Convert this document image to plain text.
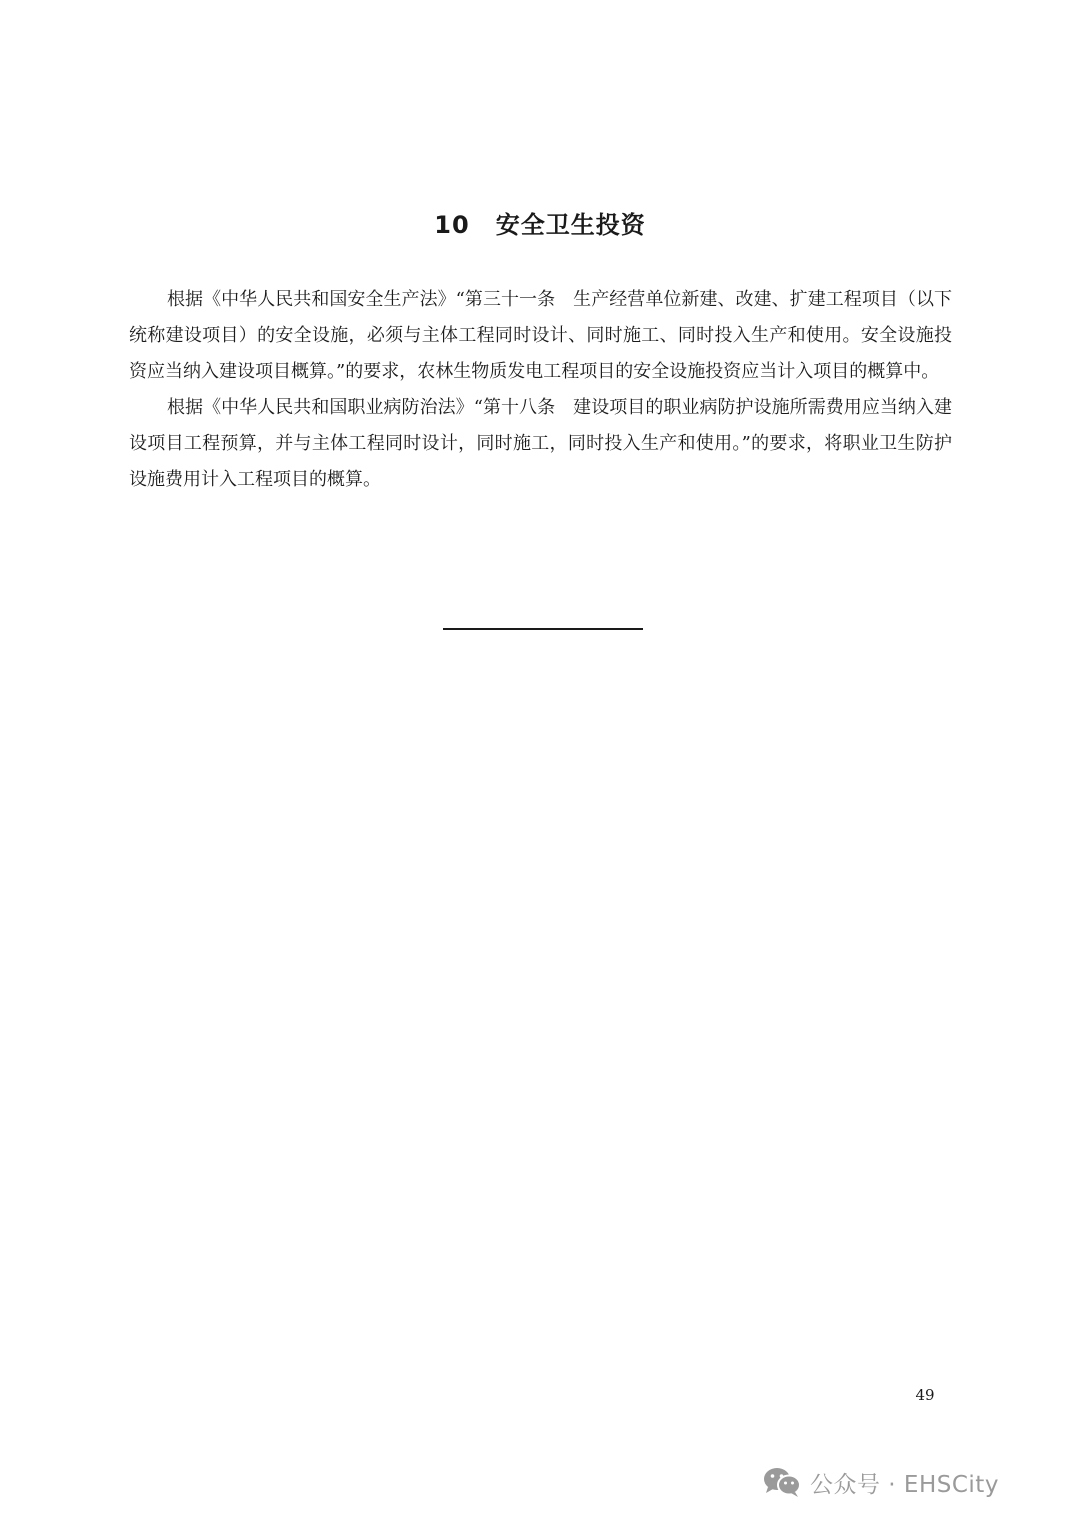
10 安全卫生投资

根据《中华人民共和国安全生产法》“第三十一条　生产经营单位新建、改建、扩建工程项目（以下统称建设项目）的安全设施，必须与主体工程同时设计、同时施工、同时投入生产和使用。安全设施投资应当纳入建设项目概算。”的要求，农林生物质发电工程项目的安全设施投资应当计入项目的概算中。

根据《中华人民共和国职业病防治法》“第十八条　建设项目的职业病防护设施所需费用应当纳入建设项目工程预算，并与主体工程同时设计，同时施工，同时投入生产和使用。”的要求，将职业卫生防护设施费用计入工程项目的概算。

49
公众号 · EHSCity
